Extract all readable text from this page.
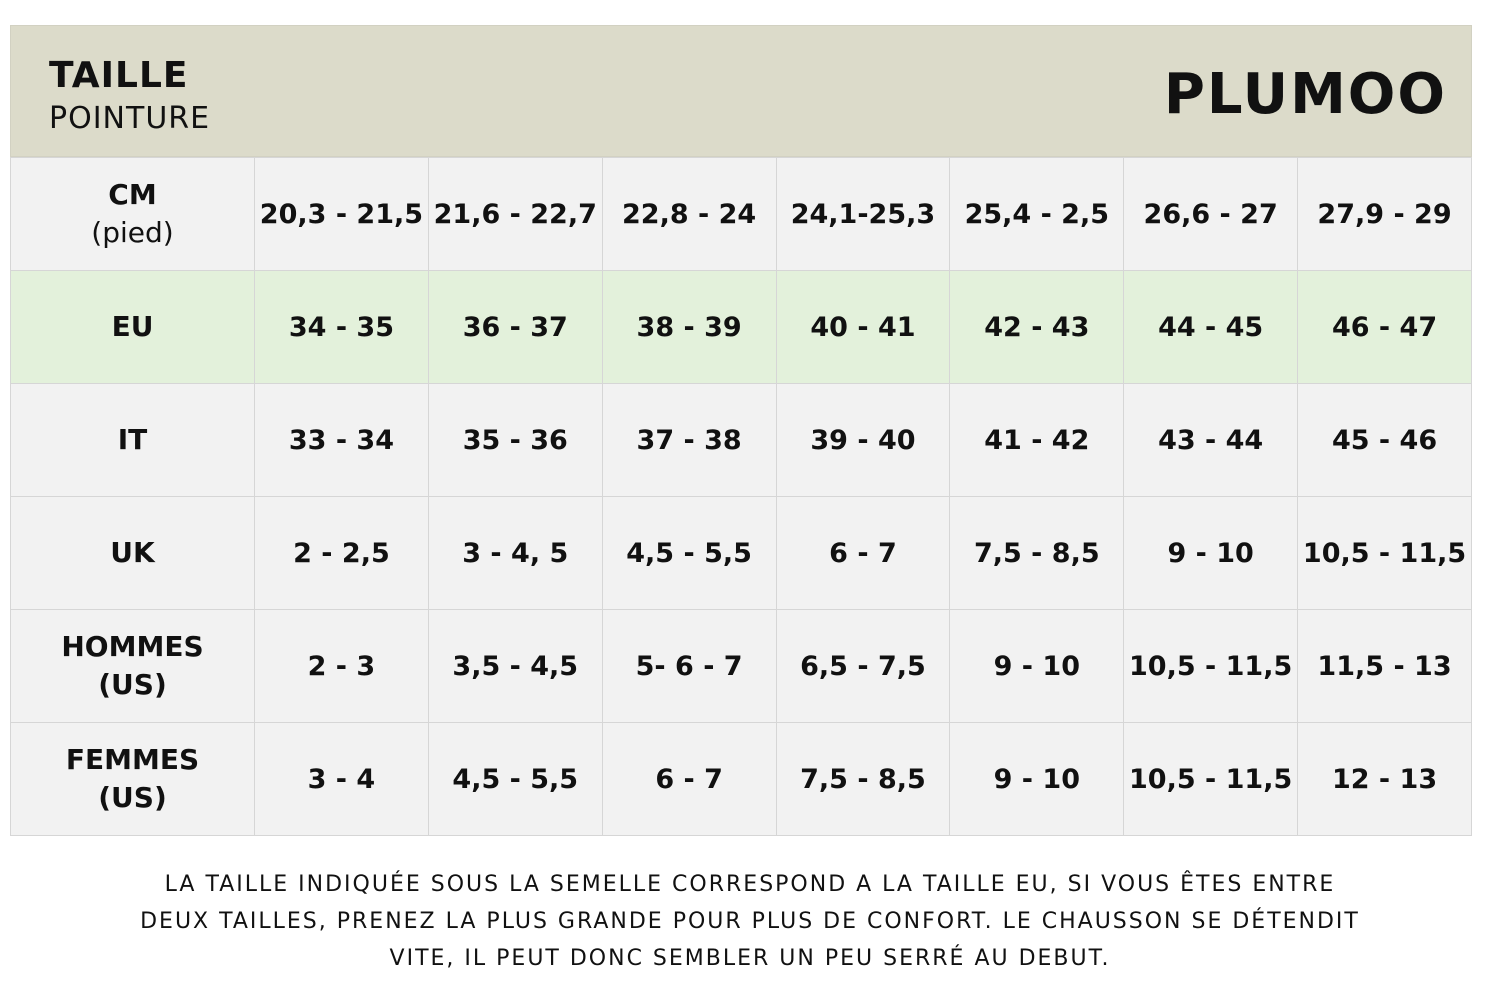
TAILLE
POINTURE	PLUMOO
CM
(pied)	20,3 - 21,5	21,6 - 22,7	22,8 - 24	24,1-25,3	25,4 - 2,5	26,6 - 27	27,9 - 29
EU	34 - 35	36 - 37	38 - 39	40 - 41	42 - 43	44 - 45	46 - 47
IT	33 - 34	35 - 36	37 - 38	39 - 40	41 - 42	43 - 44	45 - 46
UK	2 - 2,5	3 - 4, 5	4,5 - 5,5	6 - 7	7,5 - 8,5	9 - 10	10,5 - 11,5

HOMMES
(US)	2 - 3	3,5 - 4,5	5- 6 - 7	6,5 - 7,5	9 - 10	10,5 - 11,5	11,5 - 13

FEMMES
(US)	3 - 4	4,5 - 5,5	6 - 7	7,5 - 8,5	9 - 10	10,5 - 11,5	12 - 13
LA TAILLE INDIQUÉE SOUS LA SEMELLE CORRESPOND A LA TAILLE EU, SI VOUS ÊTES ENTRE
DEUX TAILLES, PRENEZ LA PLUS GRANDE POUR PLUS DE CONFORT. LE CHAUSSON SE DÉTENDIT
VITE, IL PEUT DONC SEMBLER UN PEU SERRÉ AU DEBUT.
